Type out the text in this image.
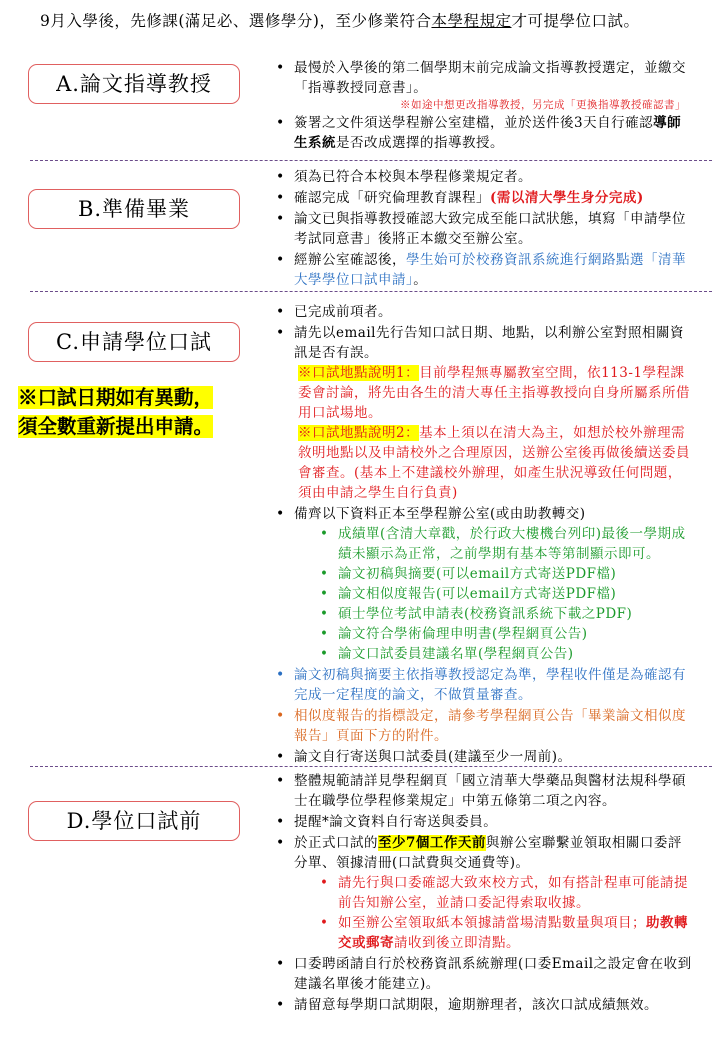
9月入學後，先修課(滿足必、選修學分)，至少修業符合本學程規定才可提學位口試。
A.論文指導教授
• 最慢於入學後的第二個學期末前完成論文指導教授選定，並繳交「指導教授同意書」。
※如途中想更改指導教授，另完成「更換指導教授確認書」
• 簽署之文件須送學程辦公室建檔，並於送件後3天自行確認導師生系統是否改成選擇的指導教授。
B.準備畢業
• 須為已符合本校與本學程修業規定者。
• 確認完成「研究倫理教育課程」(需以清大學生身分完成)
• 論文已與指導教授確認大致完成至能口試狀態，填寫「申請學位考試同意書」後將正本繳交至辦公室。
• 經辦公室確認後，學生始可於校務資訊系統進行網路點選「清華大學學位口試申請」。
C.申請學位口試
※口試日期如有異動，
須全數重新提出申請。
• 已完成前項者。
• 請先以email先行告知口試日期、地點，以利辦公室對照相關資訊是否有誤。
※口試地點說明1：目前學程無專屬教室空間，依113-1學程課委會討論，將先由各生的清大專任主指導教授向自身所屬系所借用口試場地。
※口試地點說明2：基本上須以在清大為主，如想於校外辦理需敘明地點以及申請校外之合理原因，送辦公室後再做後續送委員會審查。(基本上不建議校外辦理，如產生狀況導致任何問題，須由申請之學生自行負責)
• 備齊以下資料正本至學程辦公室(或由助教轉交)
• 成績單(含清大章戳，於行政大樓機台列印)最後一學期成績未顯示為正常，之前學期有基本等第制顯示即可。
• 論文初稿與摘要(可以email方式寄送PDF檔)
• 論文相似度報告(可以email方式寄送PDF檔)
• 碩士學位考試申請表(校務資訊系統下載之PDF)
• 論文符合學術倫理申明書(學程網頁公告)
• 論文口試委員建議名單(學程網頁公告)
• 論文初稿與摘要主依指導教授認定為準，學程收件僅是為確認有完成一定程度的論文，不做質量審查。
• 相似度報告的指標設定，請參考學程網頁公告「畢業論文相似度報告」頁面下方的附件。
• 論文自行寄送與口試委員(建議至少一周前)。
D.學位口試前
• 整體規範請詳見學程網頁「國立清華大學藥品與醫材法規科學碩士在職學位學程修業規定」中第五條第二項之內容。
• 提醒*論文資料自行寄送與委員。
• 於正式口試的至少7個工作天前與辦公室聯繫並領取相關口委評分單、領據清冊(口試費與交通費等)。
• 請先行與口委確認大致來校方式，如有搭計程車可能請提前告知辦公室，並請口委記得索取收據。
• 如至辦公室領取紙本領據請當場清點數量與項目；助教轉交或郵寄請收到後立即清點。
• 口委聘函請自行於校務資訊系統辦理(口委Email之設定會在收到建議名單後才能建立)。
• 請留意每學期口試期限，逾期辦理者，該次口試成績無效。
